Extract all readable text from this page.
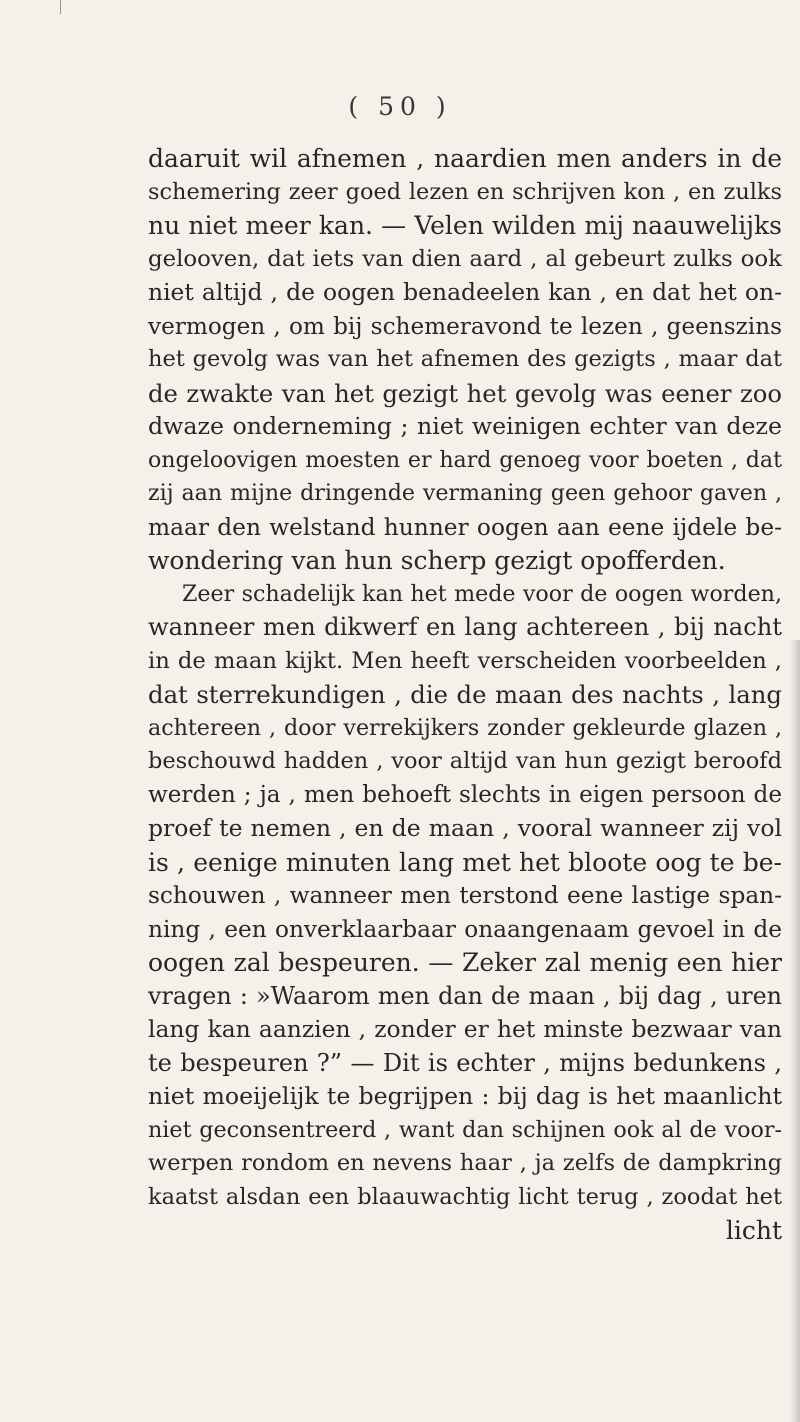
( 50 )
daaruit wil afnemen , naardien men anders in de
schemering zeer goed lezen en schrijven kon , en zulks
nu niet meer kan. — Velen wilden mij naauwelijks
gelooven, dat iets van dien aard , al gebeurt zulks ook
niet altijd , de oogen benadeelen kan , en dat het on-
vermogen , om bij schemeravond te lezen , geenszins
het gevolg was van het afnemen des gezigts , maar dat
de zwakte van het gezigt het gevolg was eener zoo
dwaze onderneming ; niet weinigen echter van deze
ongeloovigen moesten er hard genoeg voor boeten , dat
zij aan mijne dringende vermaning geen gehoor gaven ,
maar den welstand hunner oogen aan eene ijdele be-
wondering van hun scherp gezigt opofferden.
Zeer schadelijk kan het mede voor de oogen worden,
wanneer men dikwerf en lang achtereen , bij nacht
in de maan kijkt. Men heeft verscheiden voorbeelden ,
dat sterrekundigen , die de maan des nachts , lang
achtereen , door verrekijkers zonder gekleurde glazen ,
beschouwd hadden , voor altijd van hun gezigt beroofd
werden ; ja , men behoeft slechts in eigen persoon de
proef te nemen , en de maan , vooral wanneer zij vol
is , eenige minuten lang met het bloote oog te be-
schouwen , wanneer men terstond eene lastige span-
ning , een onverklaarbaar onaangenaam gevoel in de
oogen zal bespeuren. — Zeker zal menig een hier
vragen : »Waarom men dan de maan , bij dag , uren
lang kan aanzien , zonder er het minste bezwaar van
te bespeuren ?” — Dit is echter , mijns bedunkens ,
niet moeijelijk te begrijpen : bij dag is het maanlicht
niet geconsentreerd , want dan schijnen ook al de voor-
werpen rondom en nevens haar , ja zelfs de dampkring
kaatst alsdan een blaauwachtig licht terug , zoodat het
licht
